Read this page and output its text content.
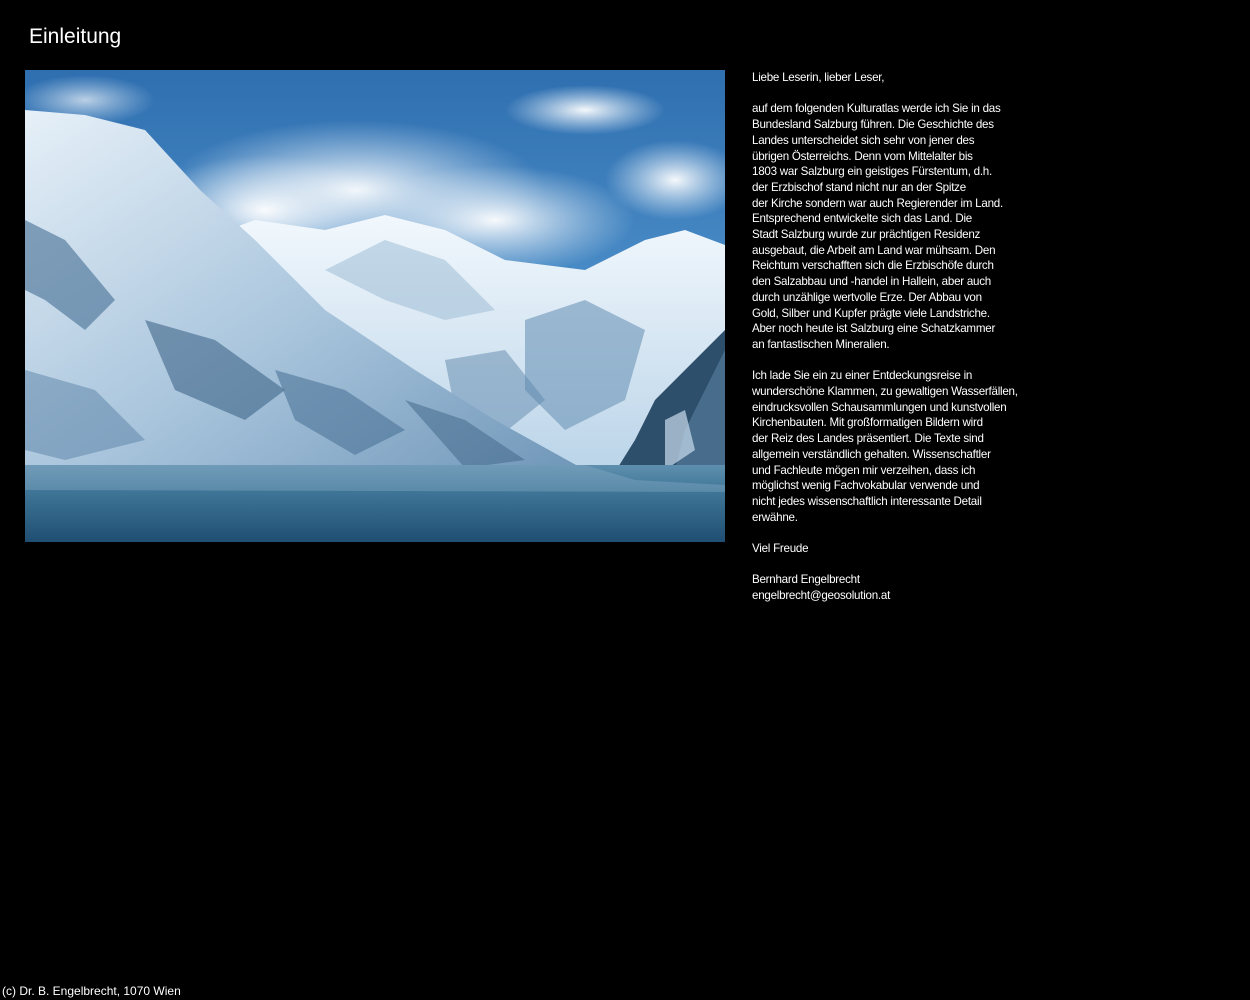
Einleitung

Liebe Leserin, lieber Leser,

auf dem folgenden Kulturatlas werde ich Sie in das
Bundesland Salzburg führen. Die Geschichte des
Landes unterscheidet sich sehr von jener des
übrigen Österreichs. Denn vom Mittelalter bis
1803 war Salzburg ein geistiges Fürstentum, d.h.
der Erzbischof stand nicht nur an der Spitze
der Kirche sondern war auch Regierender im Land.
Entsprechend entwickelte sich das Land. Die
Stadt Salzburg wurde zur prächtigen Residenz
ausgebaut, die Arbeit am Land war mühsam. Den
Reichtum verschafften sich die Erzbischöfe durch
den Salzabbau und -handel in Hallein, aber auch
durch unzählige wertvolle Erze. Der Abbau von
Gold, Silber und Kupfer prägte viele Landstriche.
Aber noch heute ist Salzburg eine Schatzkammer
an fantastischen Mineralien.

Ich lade Sie ein zu einer Entdeckungsreise in
wunderschöne Klammen, zu gewaltigen Wasserfällen,
eindrucksvollen Schausammlungen und kunstvollen
Kirchenbauten. Mit großformatigen Bildern wird
der Reiz des Landes präsentiert. Die Texte sind
allgemein verständlich gehalten. Wissenschaftler
und Fachleute mögen mir verzeihen, dass ich
möglichst wenig Fachvokabular verwende und
nicht jedes wissenschaftlich interessante Detail
erwähne.

Viel Freude

Bernhard Engelbrecht
engelbrecht@geosolution.at

(c) Dr. B. Engelbrecht, 1070 Wien
